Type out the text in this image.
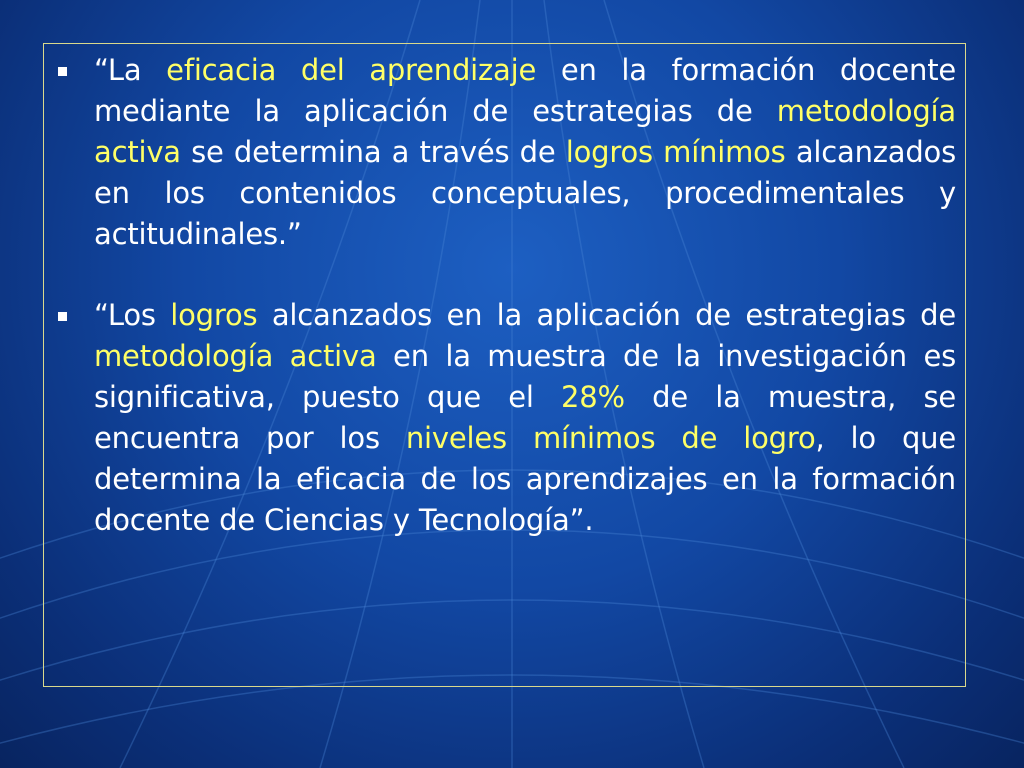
“La eficacia del aprendizaje en la formación docente mediante la aplicación de estrategias de metodología activa se determina a través de logros mínimos alcanzados en los contenidos conceptuales, procedimentales y actitudinales.”
“Los logros alcanzados en la aplicación de estrategias de metodología activa en la muestra de la investigación es significativa, puesto que el 28% de la muestra, se encuentra por los niveles mínimos de logro, lo que determina la eficacia de los aprendizajes en la formación docente de Ciencias y Tecnología”.
